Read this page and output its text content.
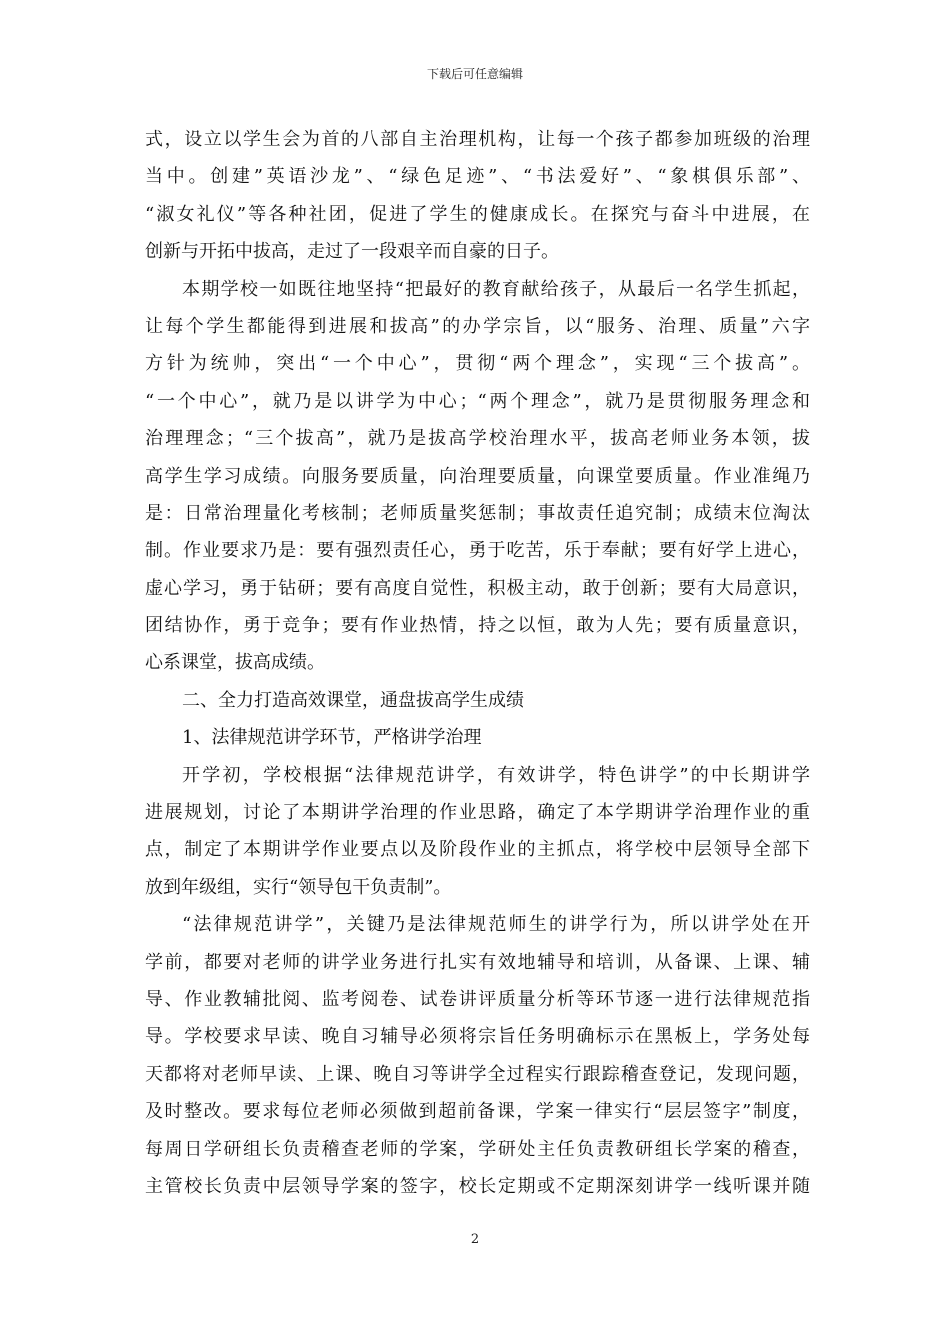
下载后可任意编辑
式，设立以学生会为首的八部自主治理机构，让每一个孩子都参加班级的治理
当中。创建”英语沙龙”、“绿色足迹”、“书法爱好”、“象棋俱乐部”、
“淑女礼仪”等各种社团，促进了学生的健康成长。在探究与奋斗中进展，在
创新与开拓中拔高，走过了一段艰辛而自豪的日子。
本期学校一如既往地坚持“把最好的教育献给孩子，从最后一名学生抓起，
让每个学生都能得到进展和拔高”的办学宗旨，以“服务、治理、质量”六字
方针为统帅，突出“一个中心”，贯彻“两个理念”，实现“三个拔高”。
“一个中心”，就乃是以讲学为中心；“两个理念”，就乃是贯彻服务理念和
治理理念；“三个拔高”，就乃是拔高学校治理水平，拔高老师业务本领，拔
高学生学习成绩。向服务要质量，向治理要质量，向课堂要质量。作业准绳乃
是：日常治理量化考核制；老师质量奖惩制；事故责任追究制；成绩末位淘汰
制。作业要求乃是：要有强烈责任心，勇于吃苦，乐于奉献；要有好学上进心，
虚心学习，勇于钻研；要有高度自觉性，积极主动，敢于创新；要有大局意识，
团结协作，勇于竞争；要有作业热情，持之以恒，敢为人先；要有质量意识，
心系课堂，拔高成绩。
二、全力打造高效课堂，通盘拔高学生成绩
1、法律规范讲学环节，严格讲学治理
开学初，学校根据“法律规范讲学，有效讲学，特色讲学”的中长期讲学
进展规划，讨论了本期讲学治理的作业思路，确定了本学期讲学治理作业的重
点，制定了本期讲学作业要点以及阶段作业的主抓点，将学校中层领导全部下
放到年级组，实行“领导包干负责制”。
“法律规范讲学”，关键乃是法律规范师生的讲学行为，所以讲学处在开
学前，都要对老师的讲学业务进行扎实有效地辅导和培训，从备课、上课、辅
导、作业教辅批阅、监考阅卷、试卷讲评质量分析等环节逐一进行法律规范指
导。学校要求早读、晚自习辅导必须将宗旨任务明确标示在黑板上，学务处每
天都将对老师早读、上课、晚自习等讲学全过程实行跟踪稽查登记，发现问题，
及时整改。要求每位老师必须做到超前备课，学案一律实行“层层签字”制度，
每周日学研组长负责稽查老师的学案，学研处主任负责教研组长学案的稽查，
主管校长负责中层领导学案的签字，校长定期或不定期深刻讲学一线听课并随
2
